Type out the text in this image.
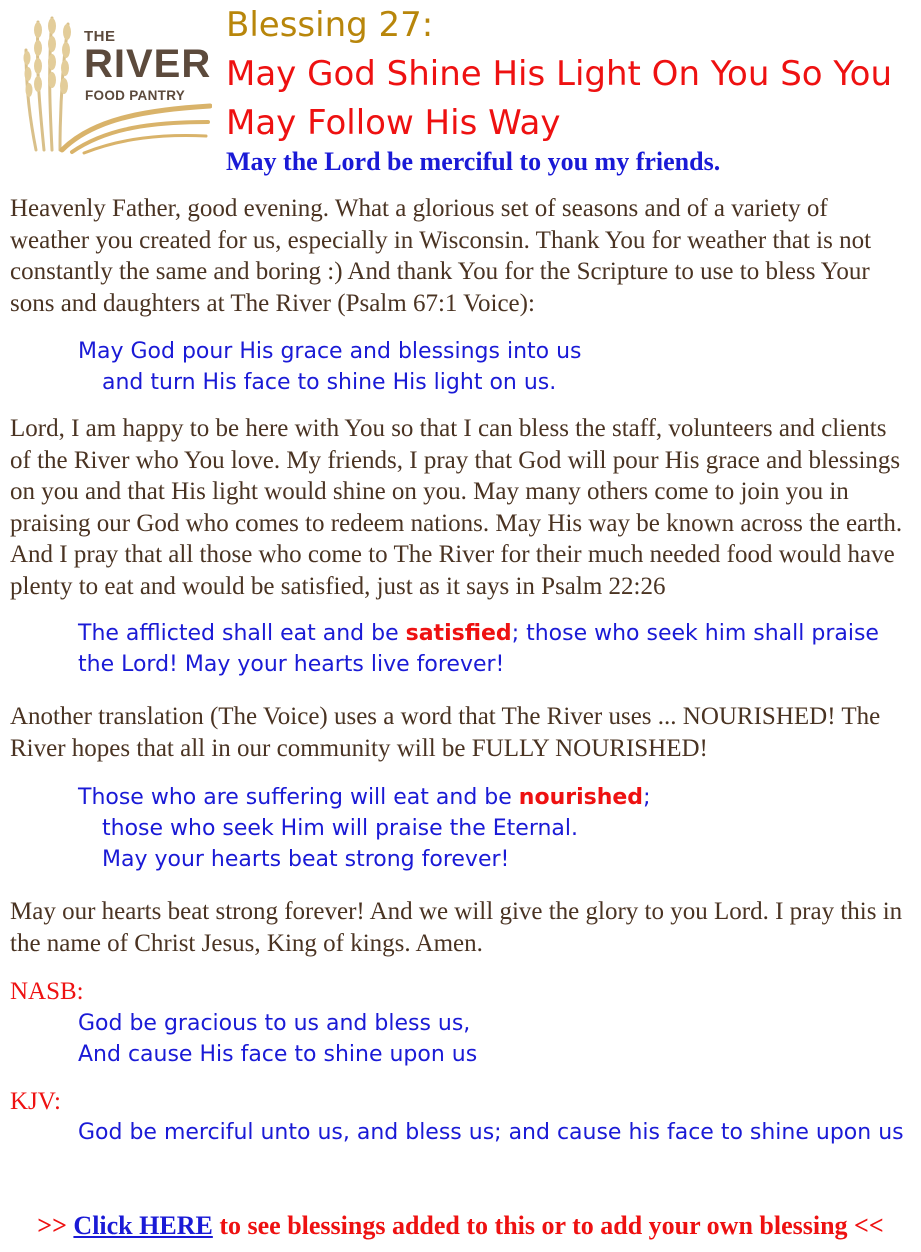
THE
RIVER
FOOD PANTRY
Blessing 27:
May God Shine His Light On You So You May Follow His Way
May the Lord be merciful to you my friends.

Heavenly Father, good evening. What a glorious set of seasons and of a variety of weather you created for us, especially in Wisconsin. Thank You for weather that is not constantly the same and boring :) And thank You for the Scripture to use to bless Your sons and daughters at The River (Psalm 67:1 Voice):

May God pour His grace and blessings into us
and turn His face to shine His light on us.

Lord, I am happy to be here with You so that I can bless the staff, volunteers and clients of the River who You love. My friends, I pray that God will pour His grace and blessings on you and that His light would shine on you. May many others come to join you in praising our God who comes to redeem nations. May His way be known across the earth. And I pray that all those who come to The River for their much needed food would have plenty to eat and would be satisfied, just as it says in Psalm 22:26

The afflicted shall eat and be satisfied; those who seek him shall praise the Lord! May your hearts live forever!

Another translation (The Voice) uses a word that The River uses ... NOURISHED! The River hopes that all in our community will be FULLY NOURISHED!

Those who are suffering will eat and be nourished;
those who seek Him will praise the Eternal.
May your hearts beat strong forever!

May our hearts beat strong forever! And we will give the glory to you Lord. I pray this in the name of Christ Jesus, King of kings. Amen.

NASB:
God be gracious to us and bless us,
And cause His face to shine upon us
KJV:
God be merciful unto us, and bless us; and cause his face to shine upon us
>> Click HERE to see blessings added to this or to add your own blessing <<
